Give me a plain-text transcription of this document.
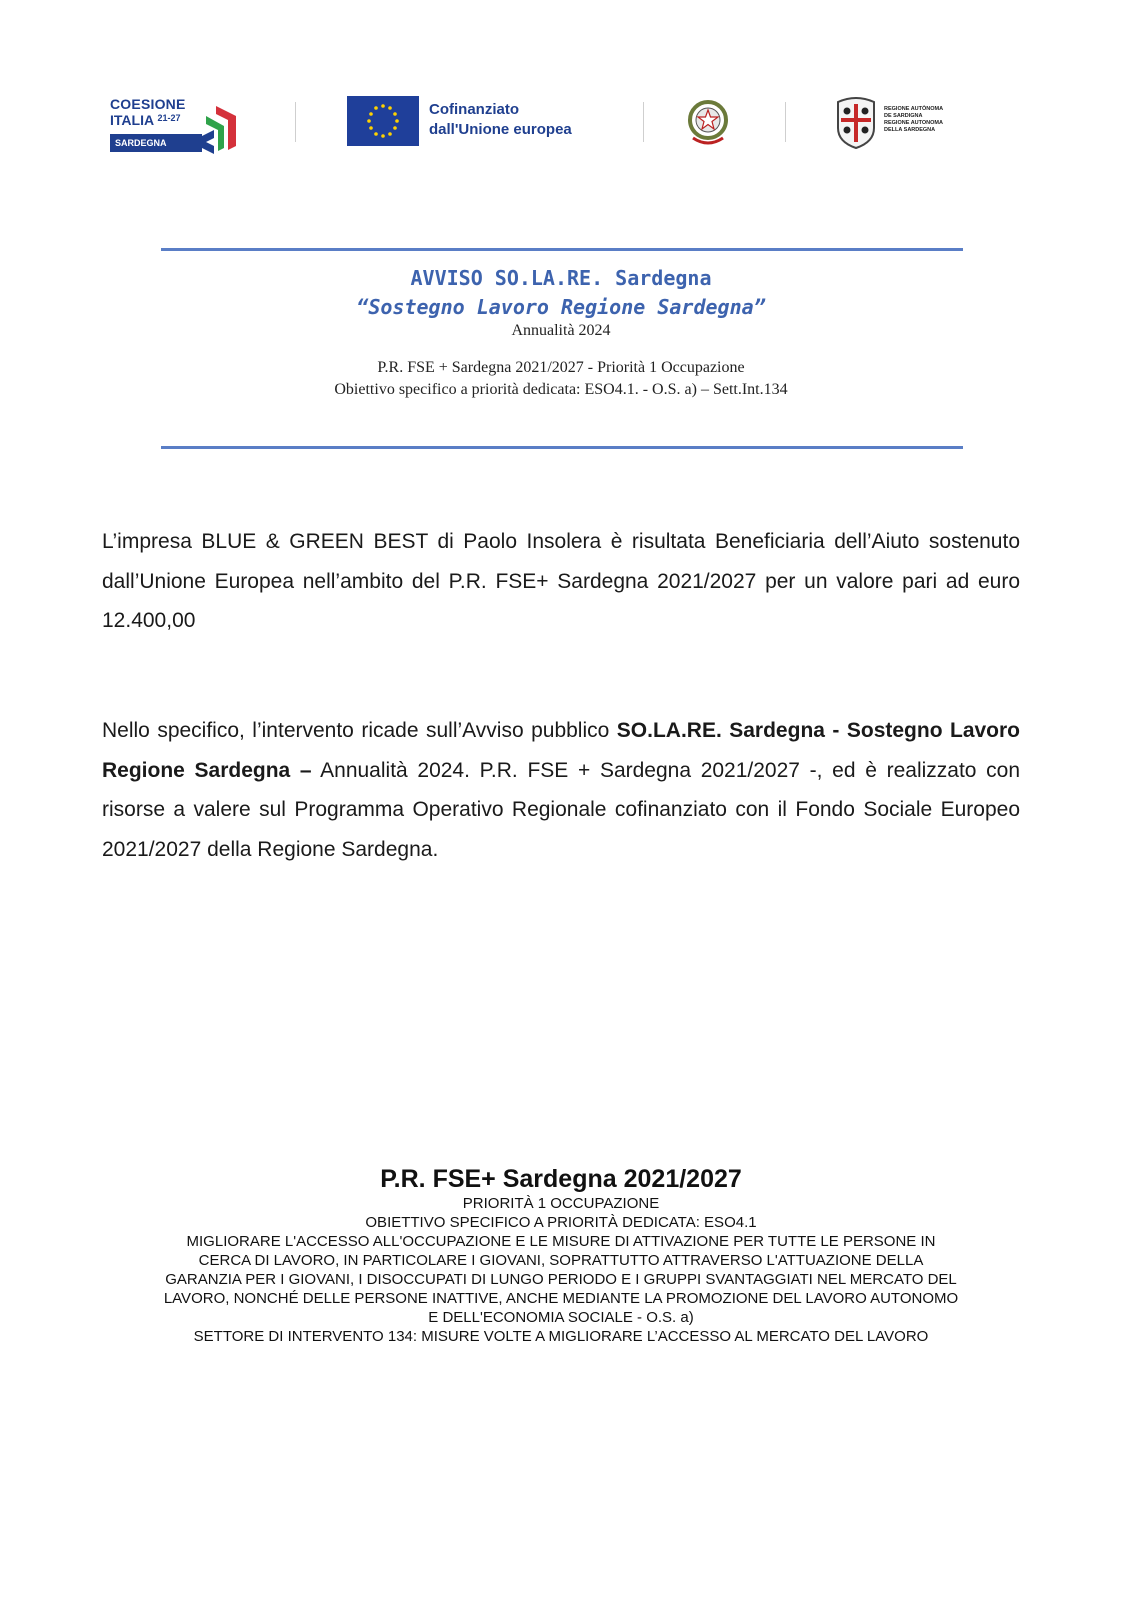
COESIONE
ITALIA $^{21-27}$
SARDEGNA
Cofinanziato
dall'Unione europea
REGIONE AUTÒNOMA
DE SARDIGNA
REGIONE AUTONOMA
DELLA SARDEGNA
AVVISO SO.LA.RE. Sardegna
“Sostegno Lavoro Regione Sardegna”
Annualità 2024
P.R. FSE + Sardegna 2021/2027 - Priorità 1 Occupazione
Obiettivo specifico a priorità dedicata: ESO4.1. - O.S. a) – Sett.Int.134
L’impresa BLUE & GREEN BEST di Paolo Insolera è risultata Beneficiaria dell’Aiuto sostenuto dall’Unione Europea nell’ambito del P.R. FSE+ Sardegna 2021/2027 per un valore pari ad euro 12.400,00
Nello specifico, l’intervento ricade sull’Avviso pubblico SO.LA.RE. Sardegna - Sostegno Lavoro Regione Sardegna – Annualità 2024. P.R. FSE + Sardegna 2021/2027 -, ed è realizzato con risorse a valere sul Programma Operativo Regionale cofinanziato con il Fondo Sociale Europeo 2021/2027 della Regione Sardegna.
P.R. FSE+ Sardegna 2021/2027
PRIORITÀ 1 OCCUPAZIONE
OBIETTIVO SPECIFICO A PRIORITÀ DEDICATA: ESO4.1
MIGLIORARE L'ACCESSO ALL'OCCUPAZIONE E LE MISURE DI ATTIVAZIONE PER TUTTE LE PERSONE IN
CERCA DI LAVORO, IN PARTICOLARE I GIOVANI, SOPRATTUTTO ATTRAVERSO L'ATTUAZIONE DELLA
GARANZIA PER I GIOVANI, I DISOCCUPATI DI LUNGO PERIODO E I GRUPPI SVANTAGGIATI NEL MERCATO DEL
LAVORO, NONCHÉ DELLE PERSONE INATTIVE, ANCHE MEDIANTE LA PROMOZIONE DEL LAVORO AUTONOMO
E DELL'ECONOMIA SOCIALE - O.S. a)
SETTORE DI INTERVENTO 134: MISURE VOLTE A MIGLIORARE L’ACCESSO AL MERCATO DEL LAVORO
